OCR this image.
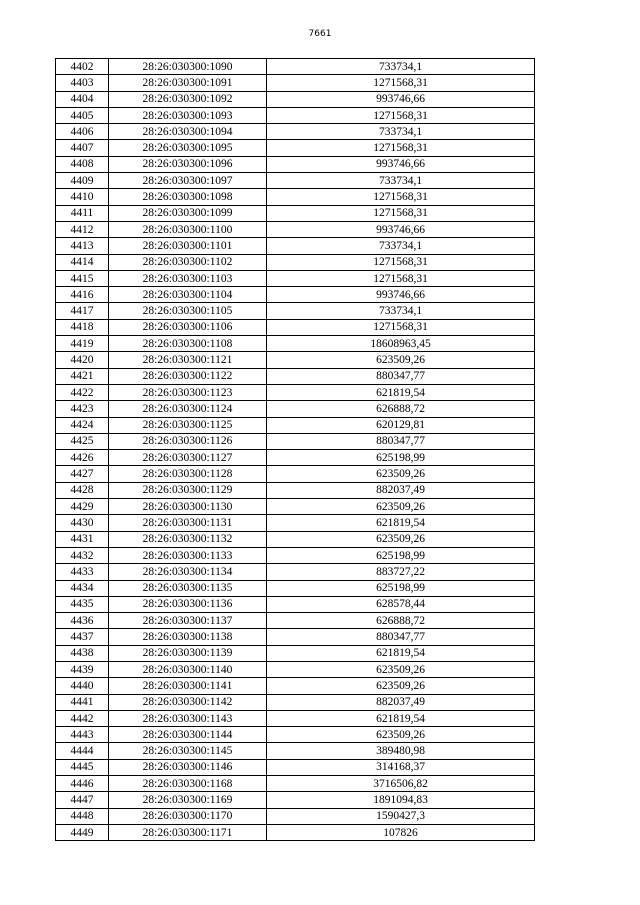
7661
4402	28:26:030300:1090	733734,1
4403	28:26:030300:1091	1271568,31
4404	28:26:030300:1092	993746,66
4405	28:26:030300:1093	1271568,31
4406	28:26:030300:1094	733734,1
4407	28:26:030300:1095	1271568,31
4408	28:26:030300:1096	993746,66
4409	28:26:030300:1097	733734,1
4410	28:26:030300:1098	1271568,31
4411	28:26:030300:1099	1271568,31
4412	28:26:030300:1100	993746,66
4413	28:26:030300:1101	733734,1
4414	28:26:030300:1102	1271568,31
4415	28:26:030300:1103	1271568,31
4416	28:26:030300:1104	993746,66
4417	28:26:030300:1105	733734,1
4418	28:26:030300:1106	1271568,31
4419	28:26:030300:1108	18608963,45
4420	28:26:030300:1121	623509,26
4421	28:26:030300:1122	880347,77
4422	28:26:030300:1123	621819,54
4423	28:26:030300:1124	626888,72
4424	28:26:030300:1125	620129,81
4425	28:26:030300:1126	880347,77
4426	28:26:030300:1127	625198,99
4427	28:26:030300:1128	623509,26
4428	28:26:030300:1129	882037,49
4429	28:26:030300:1130	623509,26
4430	28:26:030300:1131	621819,54
4431	28:26:030300:1132	623509,26
4432	28:26:030300:1133	625198,99
4433	28:26:030300:1134	883727,22
4434	28:26:030300:1135	625198,99
4435	28:26:030300:1136	628578,44
4436	28:26:030300:1137	626888,72
4437	28:26:030300:1138	880347,77
4438	28:26:030300:1139	621819,54
4439	28:26:030300:1140	623509,26
4440	28:26:030300:1141	623509,26
4441	28:26:030300:1142	882037,49
4442	28:26:030300:1143	621819,54
4443	28:26:030300:1144	623509,26
4444	28:26:030300:1145	389480,98
4445	28:26:030300:1146	314168,37
4446	28:26:030300:1168	3716506,82
4447	28:26:030300:1169	1891094,83
4448	28:26:030300:1170	1590427,3
4449	28:26:030300:1171	107826
